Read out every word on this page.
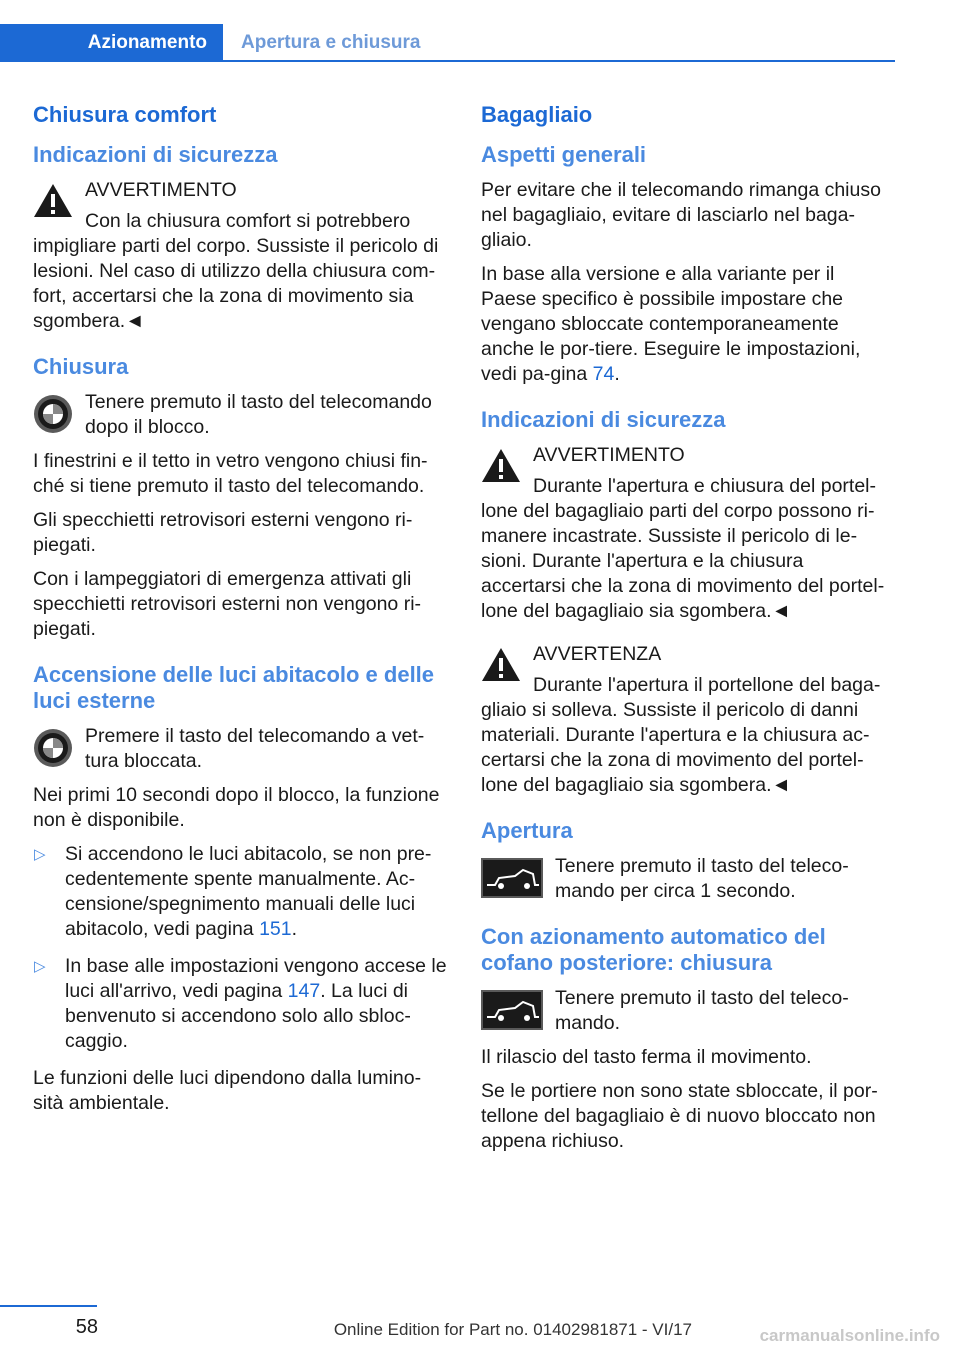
Azionamento	Apertura e chiusura
Chiusura comfort
Indicazioni di sicurezza
AVVERTIMENTO

Con la chiusura comfort si potrebbero impigliare parti del corpo. Sussiste il pericolo di lesioni. Nel caso di utilizzo della chiusura com-fort, accertarsi che la zona di movimento sia sgombera.◄

Chiusura

Tenere premuto il tasto del telecomando dopo il blocco.

I finestrini e il tetto in vetro vengono chiusi fin-ché si tiene premuto il tasto del telecomando.

Gli specchietti retrovisori esterni vengono ri-piegati.

Con i lampeggiatori di emergenza attivati gli specchietti retrovisori esterni non vengono ri-piegati.

Accensione delle luci abitacolo e delle luci esterne

Premere il tasto del telecomando a vet-tura bloccata.

Nei primi 10 secondi dopo il blocco, la funzione non è disponibile.

▷ Si accendono le luci abitacolo, se non pre-cedentemente spente manualmente. Ac-censione/spegnimento manuali delle luci abitacolo, vedi pagina 151.
▷ In base alle impostazioni vengono accese le luci all'arrivo, vedi pagina 147. La luci di benvenuto si accendono solo allo sbloc-caggio.

Le funzioni delle luci dipendono dalla lumino-sità ambientale.

Bagagliaio
Aspetti generali

Per evitare che il telecomando rimanga chiuso nel bagagliaio, evitare di lasciarlo nel baga-gliaio.

In base alla versione e alla variante per il Paese specifico è possibile impostare che vengano sbloccate contemporaneamente anche le por-tiere. Eseguire le impostazioni, vedi pa-gina 74.

Indicazioni di sicurezza
AVVERTIMENTO

Durante l'apertura e chiusura del portel-lone del bagagliaio parti del corpo possono ri-manere incastrate. Sussiste il pericolo di le-sioni. Durante l'apertura e la chiusura accertarsi che la zona di movimento del portel-lone del bagagliaio sia sgombera.◄

AVVERTENZA

Durante l'apertura il portellone del baga-gliaio si solleva. Sussiste il pericolo di danni materiali. Durante l'apertura e la chiusura ac-certarsi che la zona di movimento del portel-lone del bagagliaio sia sgombera.◄

Apertura

Tenere premuto il tasto del teleco-mando per circa 1 secondo.

Con azionamento automatico del cofano posteriore: chiusura

Tenere premuto il tasto del teleco-mando.

Il rilascio del tasto ferma il movimento.

Se le portiere non sono state sbloccate, il por-tellone del bagagliaio è di nuovo bloccato non appena richiuso.

58	Online Edition for Part no. 01402981871 - VI/17	carmanualsonline.info
